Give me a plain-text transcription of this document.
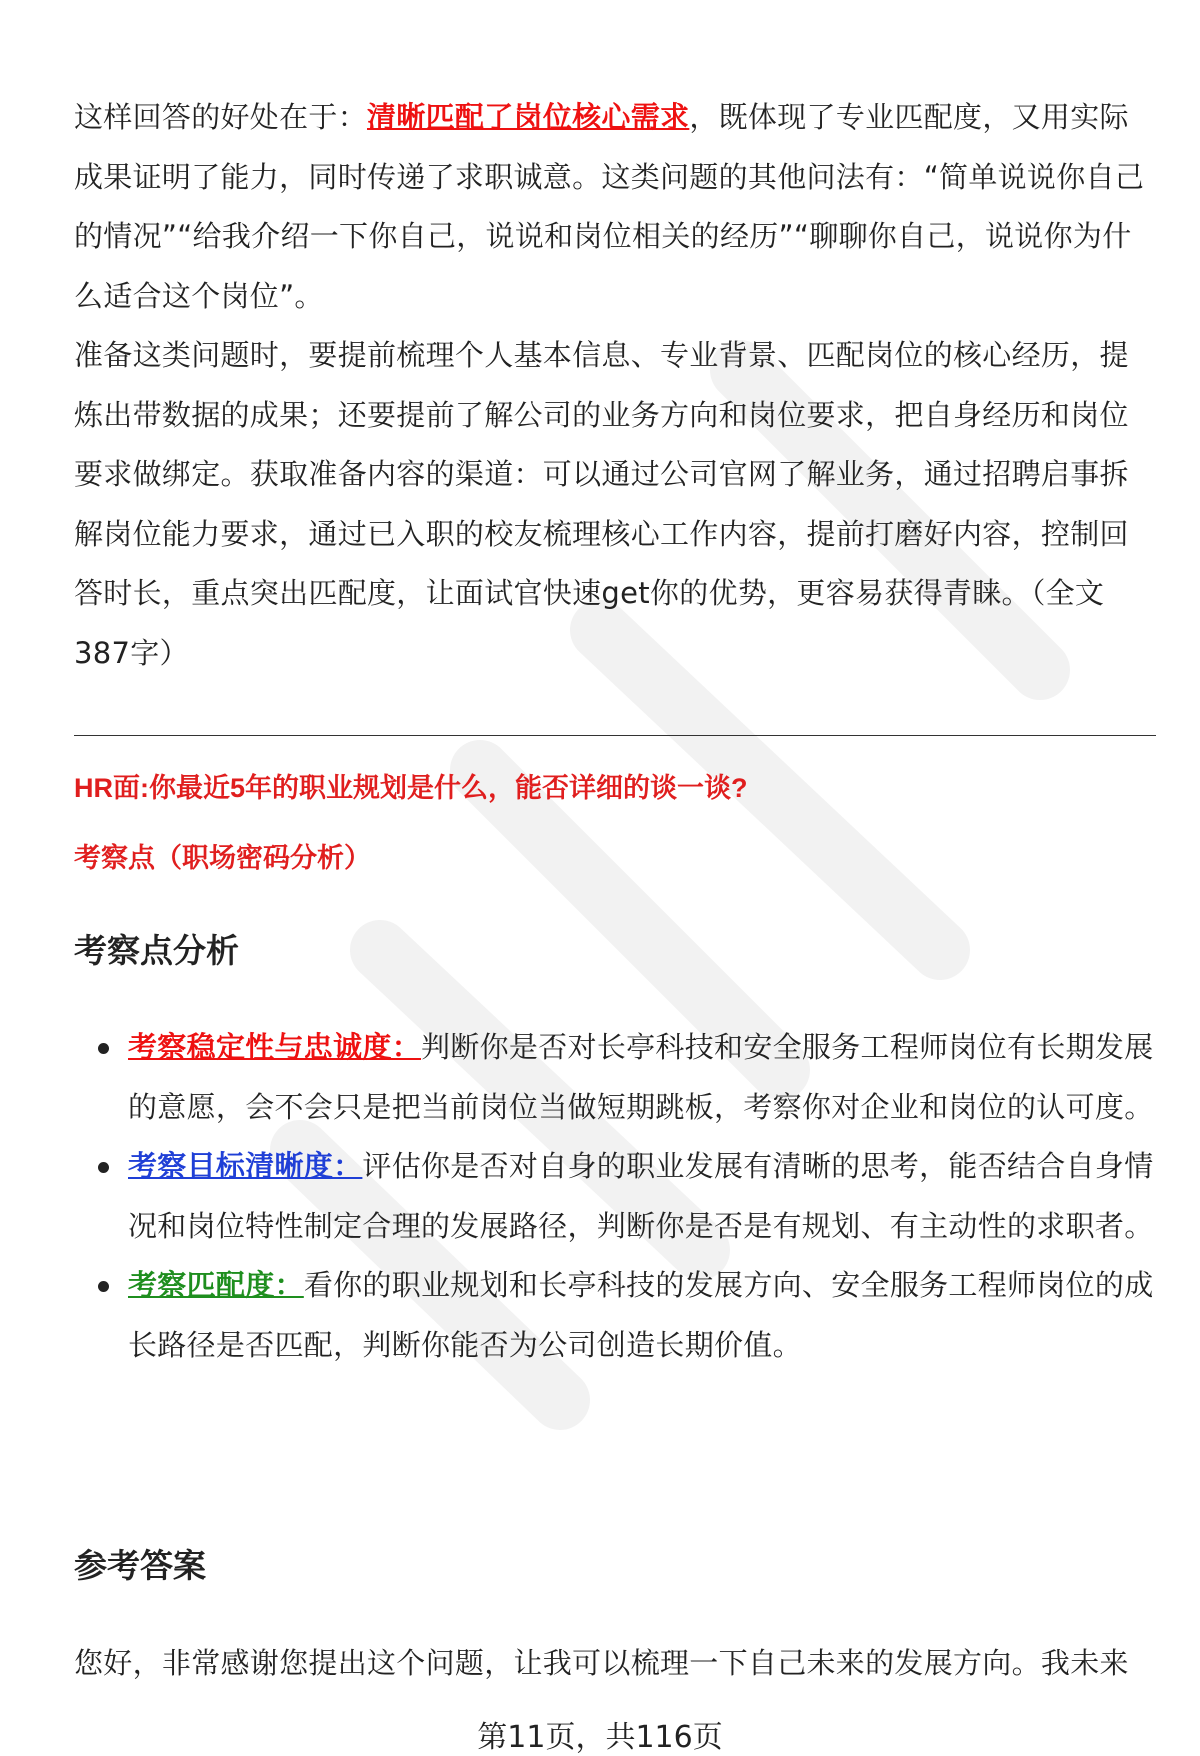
这样回答的好处在于：清晰匹配了岗位核心需求，既体现了专业匹配度，又用实际成果证明了能力，同时传递了求职诚意。这类问题的其他问法有：“简单说说你自己的情况”“给我介绍一下你自己，说说和岗位相关的经历”“聊聊你自己，说说你为什么适合这个岗位”。

准备这类问题时，要提前梳理个人基本信息、专业背景、匹配岗位的核心经历，提炼出带数据的成果；还要提前了解公司的业务方向和岗位要求，把自身经历和岗位要求做绑定。获取准备内容的渠道：可以通过公司官网了解业务，通过招聘启事拆解岗位能力要求，通过已入职的校友梳理核心工作内容，提前打磨好内容，控制回答时长，重点突出匹配度，让面试官快速get你的优势，更容易获得青睐。（全文387字）

HR面:你最近5年的职业规划是什么，能否详细的谈一谈?
考察点（职场密码分析）
考察点分析
考察稳定性与忠诚度：判断你是否对长亭科技和安全服务工程师岗位有长期发展的意愿，会不会只是把当前岗位当做短期跳板，考察你对企业和岗位的认可度。
考察目标清晰度：评估你是否对自身的职业发展有清晰的思考，能否结合自身情况和岗位特性制定合理的发展路径，判断你是否是有规划、有主动性的求职者。
考察匹配度：看你的职业规划和长亭科技的发展方向、安全服务工程师岗位的成长路径是否匹配，判断你能否为公司创造长期价值。
参考答案

您好，非常感谢您提出这个问题，让我可以梳理一下自己未来的发展方向。我未来

第11页，共116页
